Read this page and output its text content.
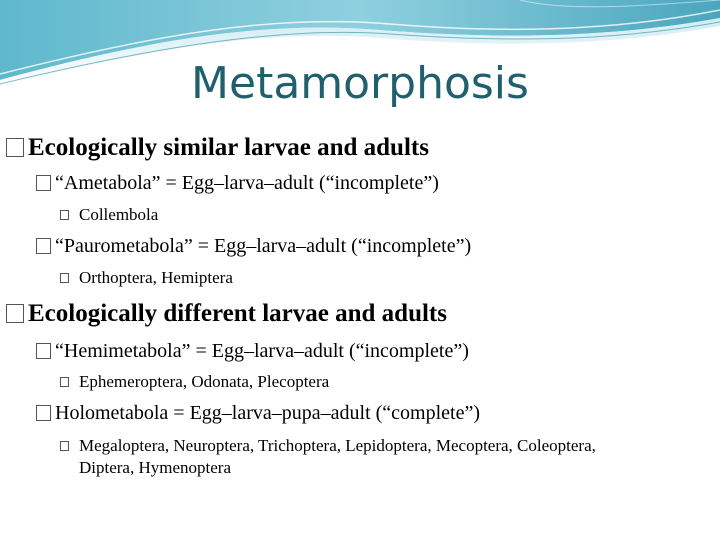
Metamorphosis
Ecologically similar larvae and adults
“Ametabola” = Egg–larva–adult (“incomplete”)
Collembola
“Paurometabola” = Egg–larva–adult (“incomplete”)
Orthoptera, Hemiptera
Ecologically different larvae and adults
“Hemimetabola” = Egg–larva–adult (“incomplete”)
Ephemeroptera, Odonata, Plecoptera
Holometabola = Egg–larva–pupa–adult (“complete”)
Megaloptera, Neuroptera, Trichoptera, Lepidoptera, Mecoptera, Coleoptera, Diptera, Hymenoptera
